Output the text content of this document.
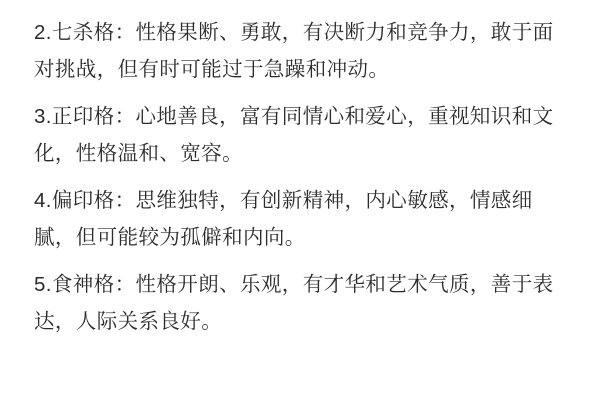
2.七杀格：性格果断、勇敢，有决断力和竞争力，敢于面对挑战，但有时可能过于急躁和冲动。

3.正印格：心地善良，富有同情心和爱心，重视知识和文化，性格温和、宽容。

4.偏印格：思维独特，有创新精神，内心敏感，情感细腻，但可能较为孤僻和内向。

5.食神格：性格开朗、乐观，有才华和艺术气质，善于表达，人际关系良好。
